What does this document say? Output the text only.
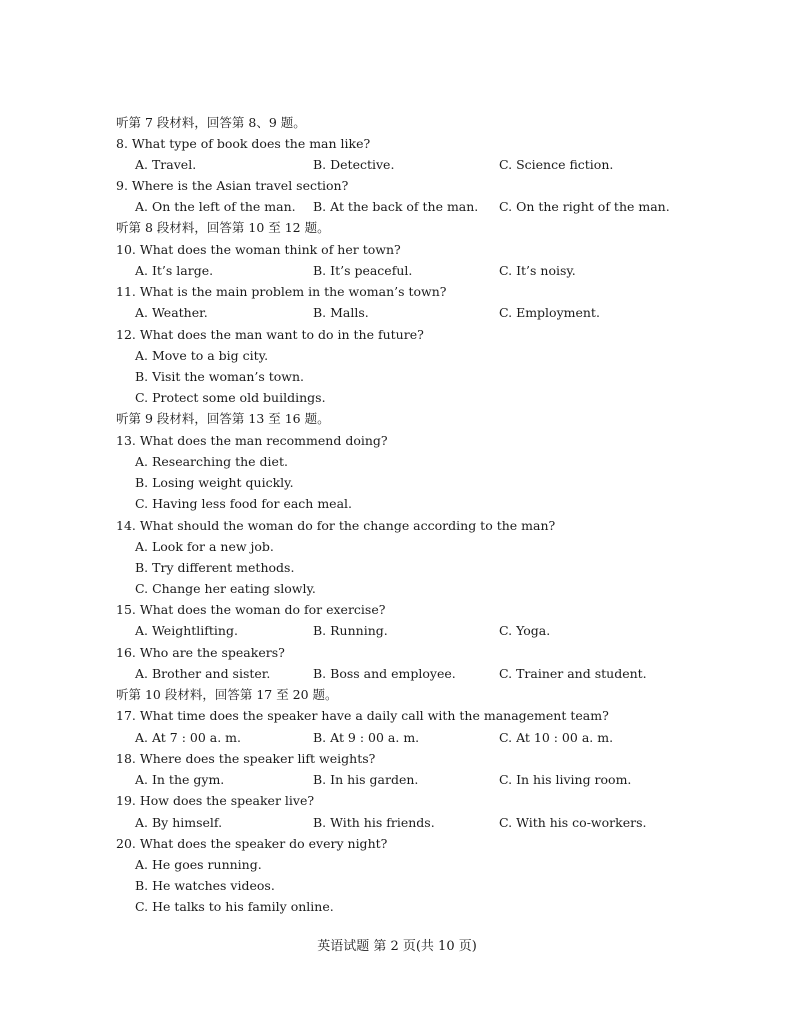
听第 7 段材料，回答第 8、9 题。
8. What type of book does the man like?
A. Travel.	B. Detective.	C. Science fiction.
9. Where is the Asian travel section?
A. On the left of the man. B. At the back of the man. C. On the right of the man.
听第 8 段材料，回答第 10 至 12 题。
10. What does the woman think of her town?
A. It’s large.	B. It’s peaceful.	C. It’s noisy.
11. What is the main problem in the woman’s town?
A. Weather.	B. Malls.	C. Employment.
12. What does the man want to do in the future?
A. Move to a big city.
B. Visit the woman’s town.
C. Protect some old buildings.
听第 9 段材料，回答第 13 至 16 题。
13. What does the man recommend doing?
A. Researching the diet.
B. Losing weight quickly.
C. Having less food for each meal.
14. What should the woman do for the change according to the man?
A. Look for a new job.
B. Try different methods.
C. Change her eating slowly.
15. What does the woman do for exercise?
A. Weightlifting.	B. Running.	C. Yoga.
16. Who are the speakers?
A. Brother and sister.	B. Boss and employee.	C. Trainer and student.
听第 10 段材料，回答第 17 至 20 题。
17. What time does the speaker have a daily call with the management team?
A. At 7 : 00 a. m.	B. At 9 : 00 a. m.	C. At 10 : 00 a. m.
18. Where does the speaker lift weights?
A. In the gym.	B. In his garden.	C. In his living room.
19. How does the speaker live?
A. By himself.	B. With his friends.	C. With his co-workers.
20. What does the speaker do every night?
A. He goes running.
B. He watches videos.
C. He talks to his family online.
英语试题 第 2 页(共 10 页)
